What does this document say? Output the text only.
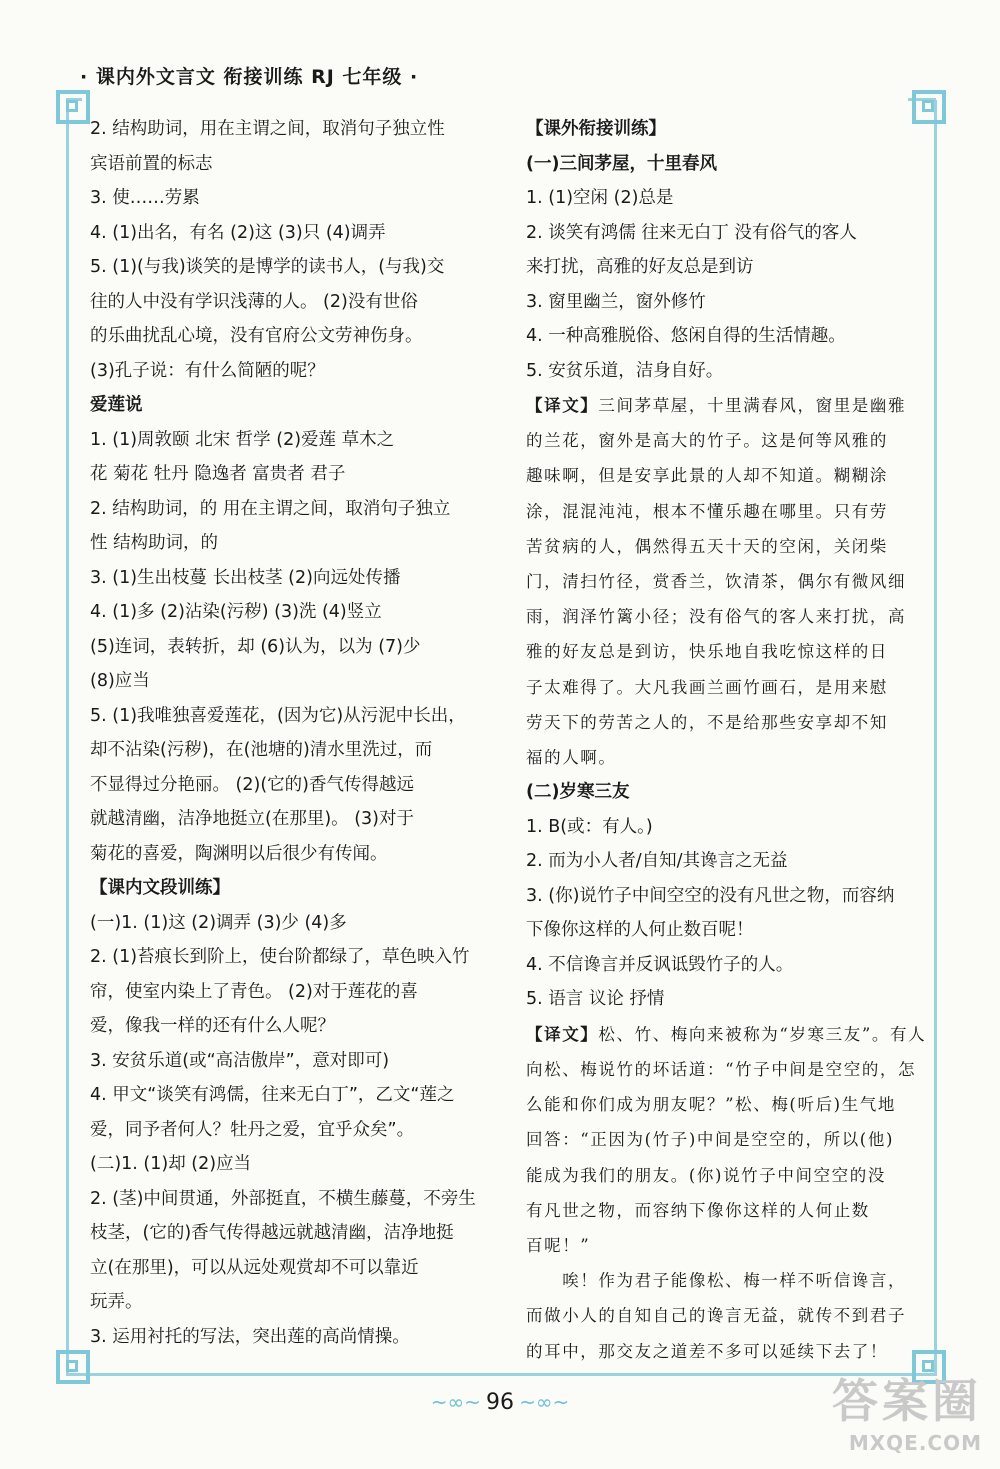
· 课内外文言文 衔接训练 RJ 七年级 ·
2. 结构助词，用在主谓之间，取消句子独立性
宾语前置的标志
3. 使……劳累
4. (1)出名，有名 (2)这 (3)只 (4)调弄
5. (1)(与我)谈笑的是博学的读书人，(与我)交
往的人中没有学识浅薄的人。 (2)没有世俗
的乐曲扰乱心境，没有官府公文劳神伤身。
(3)孔子说：有什么简陋的呢？
爱莲说
1. (1)周敦颐 北宋 哲学 (2)爱莲 草木之
花 菊花 牡丹 隐逸者 富贵者 君子
2. 结构助词，的 用在主谓之间，取消句子独立
性 结构助词，的
3. (1)生出枝蔓 长出枝茎 (2)向远处传播
4. (1)多 (2)沾染(污秽) (3)洗 (4)竖立
(5)连词，表转折，却 (6)认为，以为 (7)少
(8)应当
5. (1)我唯独喜爱莲花，(因为它)从污泥中长出，
却不沾染(污秽)，在(池塘的)清水里洗过，而
不显得过分艳丽。 (2)(它的)香气传得越远
就越清幽，洁净地挺立(在那里)。 (3)对于
菊花的喜爱，陶渊明以后很少有传闻。
【课内文段训练】
(一)1. (1)这 (2)调弄 (3)少 (4)多
2. (1)苔痕长到阶上，使台阶都绿了，草色映入竹
帘，使室内染上了青色。 (2)对于莲花的喜
爱，像我一样的还有什么人呢？
3. 安贫乐道(或“高洁傲岸”，意对即可)
4. 甲文“谈笑有鸿儒，往来无白丁”，乙文“莲之
爱，同予者何人？牡丹之爱，宜乎众矣”。
(二)1. (1)却 (2)应当
2. (茎)中间贯通，外部挺直，不横生藤蔓，不旁生
枝茎，(它的)香气传得越远就越清幽，洁净地挺
立(在那里)，可以从远处观赏却不可以靠近
玩弄。
3. 运用衬托的写法，突出莲的高尚情操。
【课外衔接训练】
(一)三间茅屋，十里春风
1. (1)空闲 (2)总是
2. 谈笑有鸿儒 往来无白丁 没有俗气的客人
来打扰，高雅的好友总是到访
3. 窗里幽兰，窗外修竹
4. 一种高雅脱俗、悠闲自得的生活情趣。
5. 安贫乐道，洁身自好。
【译文】三间茅草屋，十里满春风，窗里是幽雅
的兰花，窗外是高大的竹子。这是何等风雅的
趣味啊，但是安享此景的人却不知道。糊糊涂
涂，混混沌沌，根本不懂乐趣在哪里。只有劳
苦贫病的人，偶然得五天十天的空闲，关闭柴
门，清扫竹径，赏香兰，饮清茶，偶尔有微风细
雨，润泽竹篱小径；没有俗气的客人来打扰，高
雅的好友总是到访，快乐地自我吃惊这样的日
子太难得了。大凡我画兰画竹画石，是用来慰
劳天下的劳苦之人的，不是给那些安享却不知
福的人啊。
(二)岁寒三友
1. B(或：有人。)
2. 而为小人者/自知/其谗言之无益
3. (你)说竹子中间空空的没有凡世之物，而容纳
下像你这样的人何止数百呢！
4. 不信谗言并反讽诋毁竹子的人。
5. 语言 议论 抒情
【译文】松、竹、梅向来被称为“岁寒三友”。有人
向松、梅说竹的坏话道：“竹子中间是空空的，怎
么能和你们成为朋友呢？”松、梅(听后)生气地
回答：“正因为(竹子)中间是空空的，所以(他)
能成为我们的朋友。(你)说竹子中间空空的没
有凡世之物，而容纳下像你这样的人何止数
百呢！”
　　唉！作为君子能像松、梅一样不听信谗言，
而做小人的自知自己的谗言无益，就传不到君子
的耳中，那交友之道差不多可以延续下去了！
~∞~ 96 ~∞~	答案圈
MXQE.COM
